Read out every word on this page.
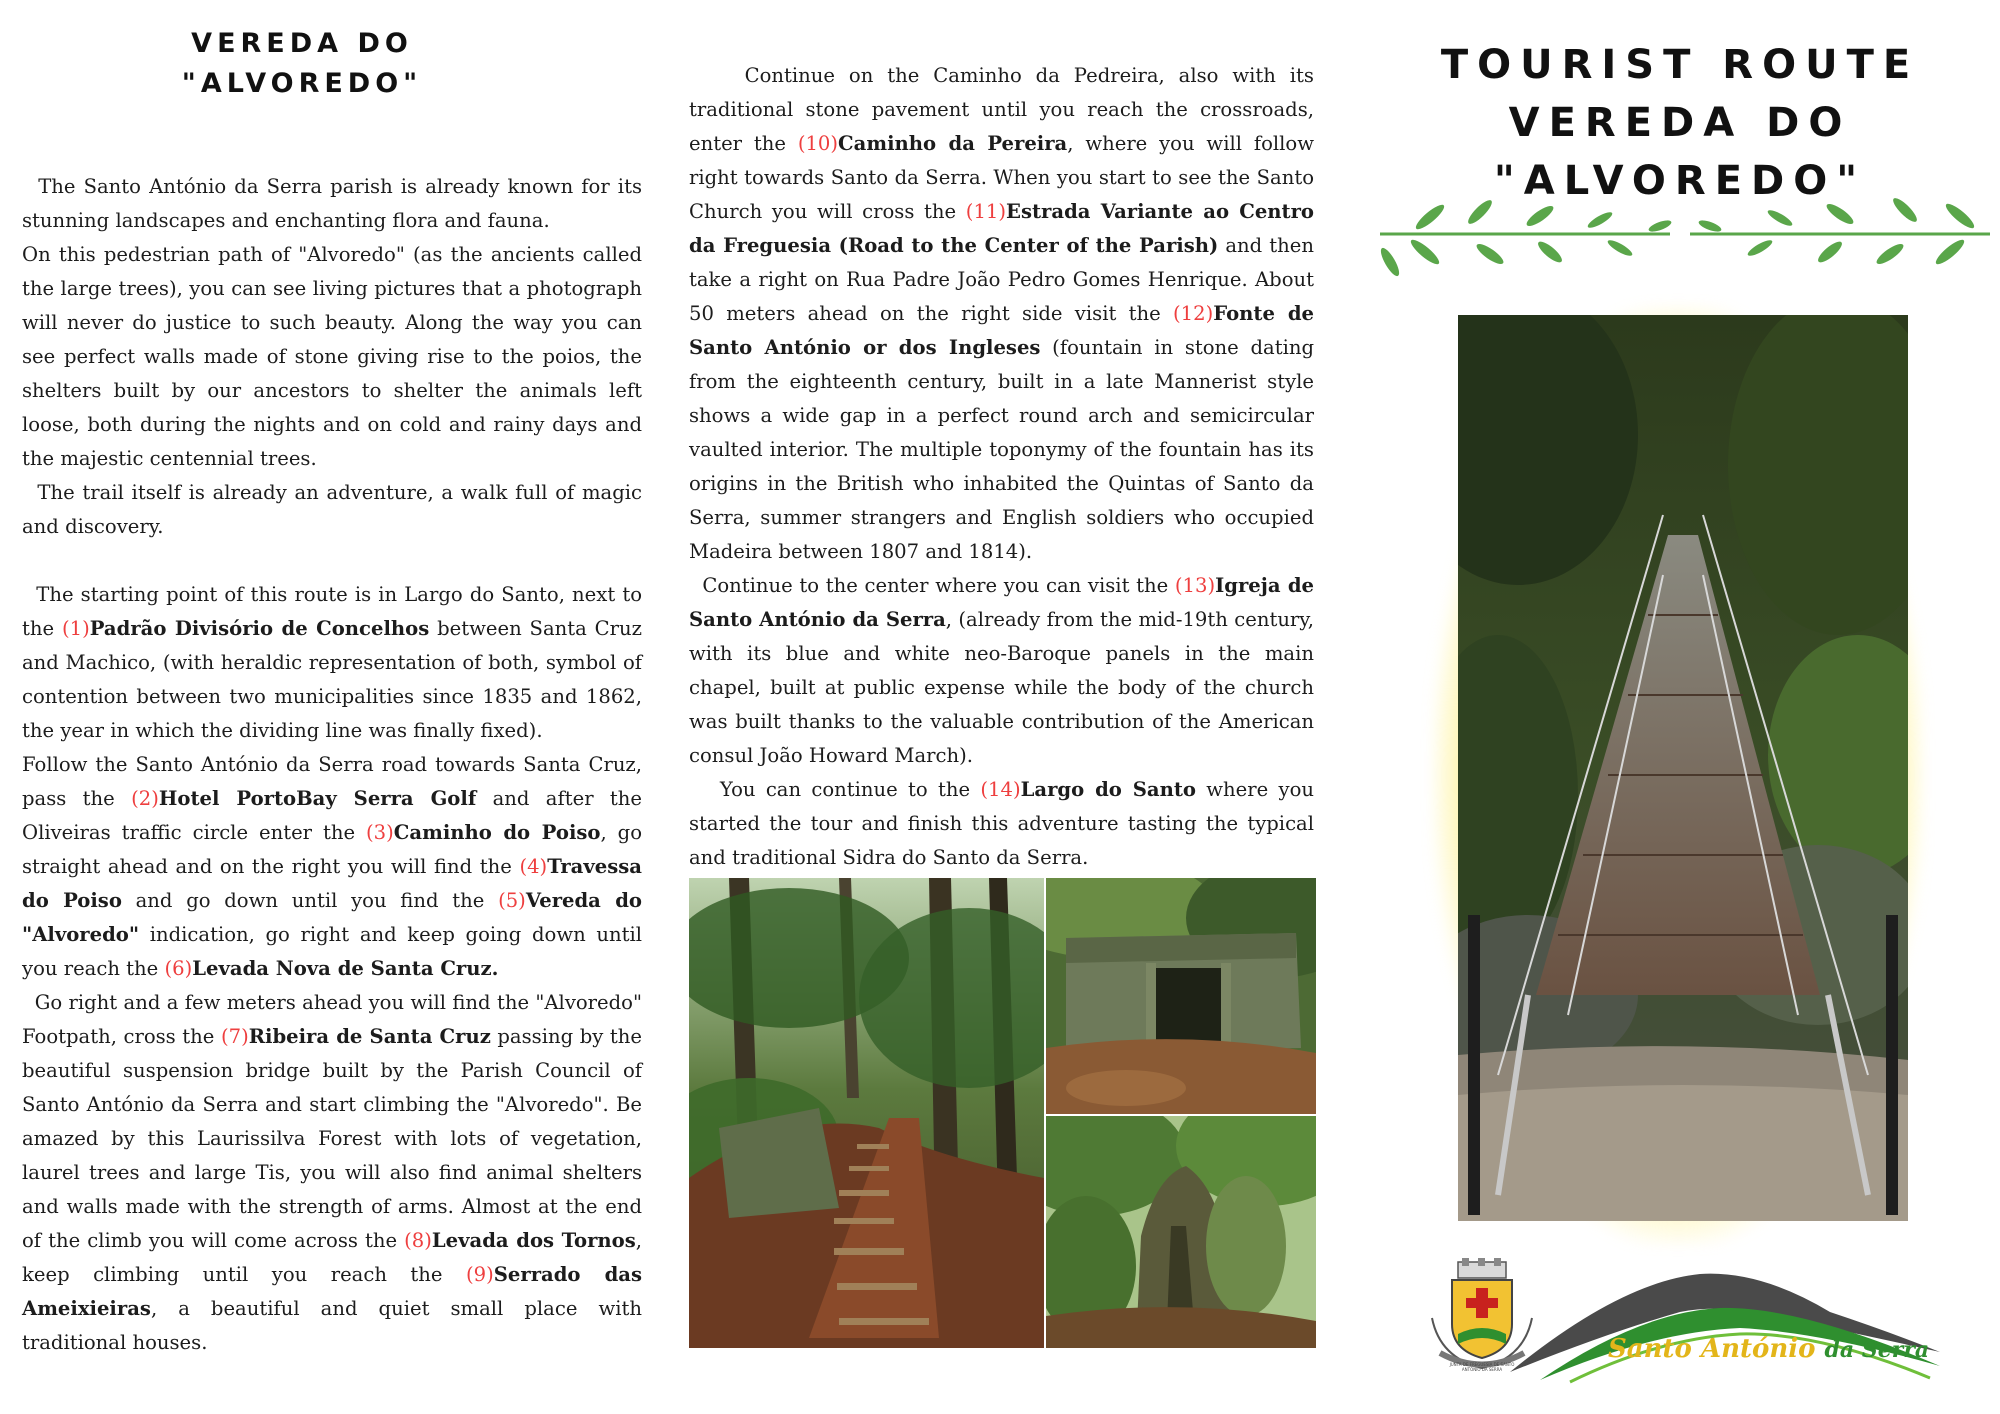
VEREDA DO
"ALVOREDO"

The Santo António da Serra parish is already known for its stunning landscapes and enchanting flora and fauna.

On this pedestrian path of "Alvoredo" (as the ancients called the large trees), you can see living pictures that a photograph will never do justice to such beauty. Along the way you can see perfect walls made of stone giving rise to the poios, the shelters built by our ancestors to shelter the animals left loose, both during the nights and on cold and rainy days and the majestic centennial trees.

The trail itself is already an adventure, a walk full of magic and discovery.

The starting point of this route is in Largo do Santo, next to the (1)Padrão Divisório de Concelhos between Santa Cruz and Machico, (with heraldic representation of both, symbol of contention between two municipalities since 1835 and 1862, the year in which the dividing line was finally fixed).

Follow the Santo António da Serra road towards Santa Cruz, pass the (2)Hotel PortoBay Serra Golf and after the Oliveiras traffic circle enter the (3)Caminho do Poiso, go straight ahead and on the right you will find the (4)Travessa do Poiso and go down until you find the (5)Vereda do "Alvoredo" indication, go right and keep going down until you reach the (6)Levada Nova de Santa Cruz.

Go right and a few meters ahead you will find the "Alvoredo" Footpath, cross the (7)Ribeira de Santa Cruz passing by the beautiful suspension bridge built by the Parish Council of Santo António da Serra and start climbing the "Alvoredo". Be amazed by this Laurissilva Forest with lots of vegetation, laurel trees and large Tis, you will also find animal shelters and walls made with the strength of arms. Almost at the end of the climb you will come across the (8)Levada dos Tornos, keep climbing until you reach the (9)Serrado das Ameixieiras, a beautiful and quiet small place with traditional houses.

Continue on the Caminho da Pedreira, also with its traditional stone pavement until you reach the crossroads, enter the (10)Caminho da Pereira, where you will follow right towards Santo da Serra. When you start to see the Santo Church you will cross the (11)Estrada Variante ao Centro da Freguesia (Road to the Center of the Parish) and then take a right on Rua Padre João Pedro Gomes Henrique. About 50 meters ahead on the right side visit the (12)Fonte de Santo António or dos Ingleses (fountain in stone dating from the eighteenth century, built in a late Mannerist style shows a wide gap in a perfect round arch and semicircular vaulted interior. The multiple toponymy of the fountain has its origins in the British who inhabited the Quintas of Santo da Serra, summer strangers and English soldiers who occupied Madeira between 1807 and 1814).

Continue to the center where you can visit the (13)Igreja de Santo António da Serra, (already from the mid-19th century, with its blue and white neo-Baroque panels in the main chapel, built at public expense while the body of the church was built thanks to the valuable contribution of the American consul João Howard March).

You can continue to the (14)Largo do Santo where you started the tour and finish this adventure tasting the typical and traditional Sidra do Santo da Serra.

TOURIST ROUTE
VEREDA DO
"ALVOREDO"
JUNTA DE FREGUESIA DE SANTO ANTÓNIO DA SERRA
Santo António da Serra
